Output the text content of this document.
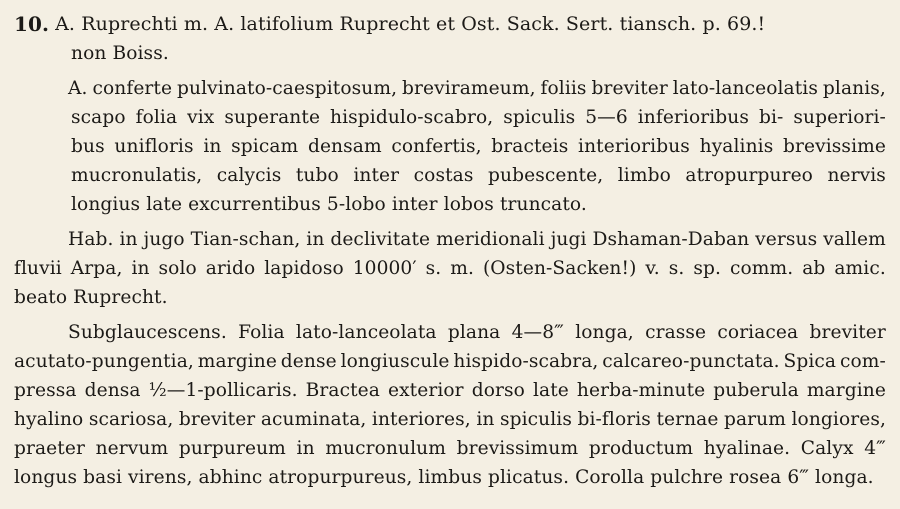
10. A. Ruprechti m. A. latifolium Ruprecht et Ost. Sack. Sert. tiansch. p. 69.!
non Boiss.
A. conferte pulvinato-caespitosum, brevirameum, foliis breviter lato-lanceolatis planis,
scapo folia vix superante hispidulo-scabro, spiculis 5—6 inferioribus bi- superiori-
bus unifloris in spicam densam confertis, bracteis interioribus hyalinis brevissime
mucronulatis, calycis tubo inter costas pubescente, limbo atropurpureo nervis
longius late excurrentibus 5-lobo inter lobos truncato.
Hab. in jugo Tian-schan, in declivitate meridionali jugi Dshaman-Daban versus vallem
fluvii Arpa, in solo arido lapidoso 10000′ s. m. (Osten-Sacken!) v. s. sp. comm. ab amic.
beato Ruprecht.
Subglaucescens. Folia lato-lanceolata plana 4—8‴ longa, crasse coriacea breviter
acutato-pungentia, margine dense longiuscule hispido-scabra, calcareo-punctata. Spica com-
pressa densa ½—1-pollicaris. Bractea exterior dorso late herba-minute puberula margine
hyalino scariosa, breviter acuminata, interiores, in spiculis bi-floris ternae parum longiores,
praeter nervum purpureum in mucronulum brevissimum productum hyalinae. Calyx 4‴
longus basi virens, abhinc atropurpureus, limbus plicatus. Corolla pulchre rosea 6‴ longa.
